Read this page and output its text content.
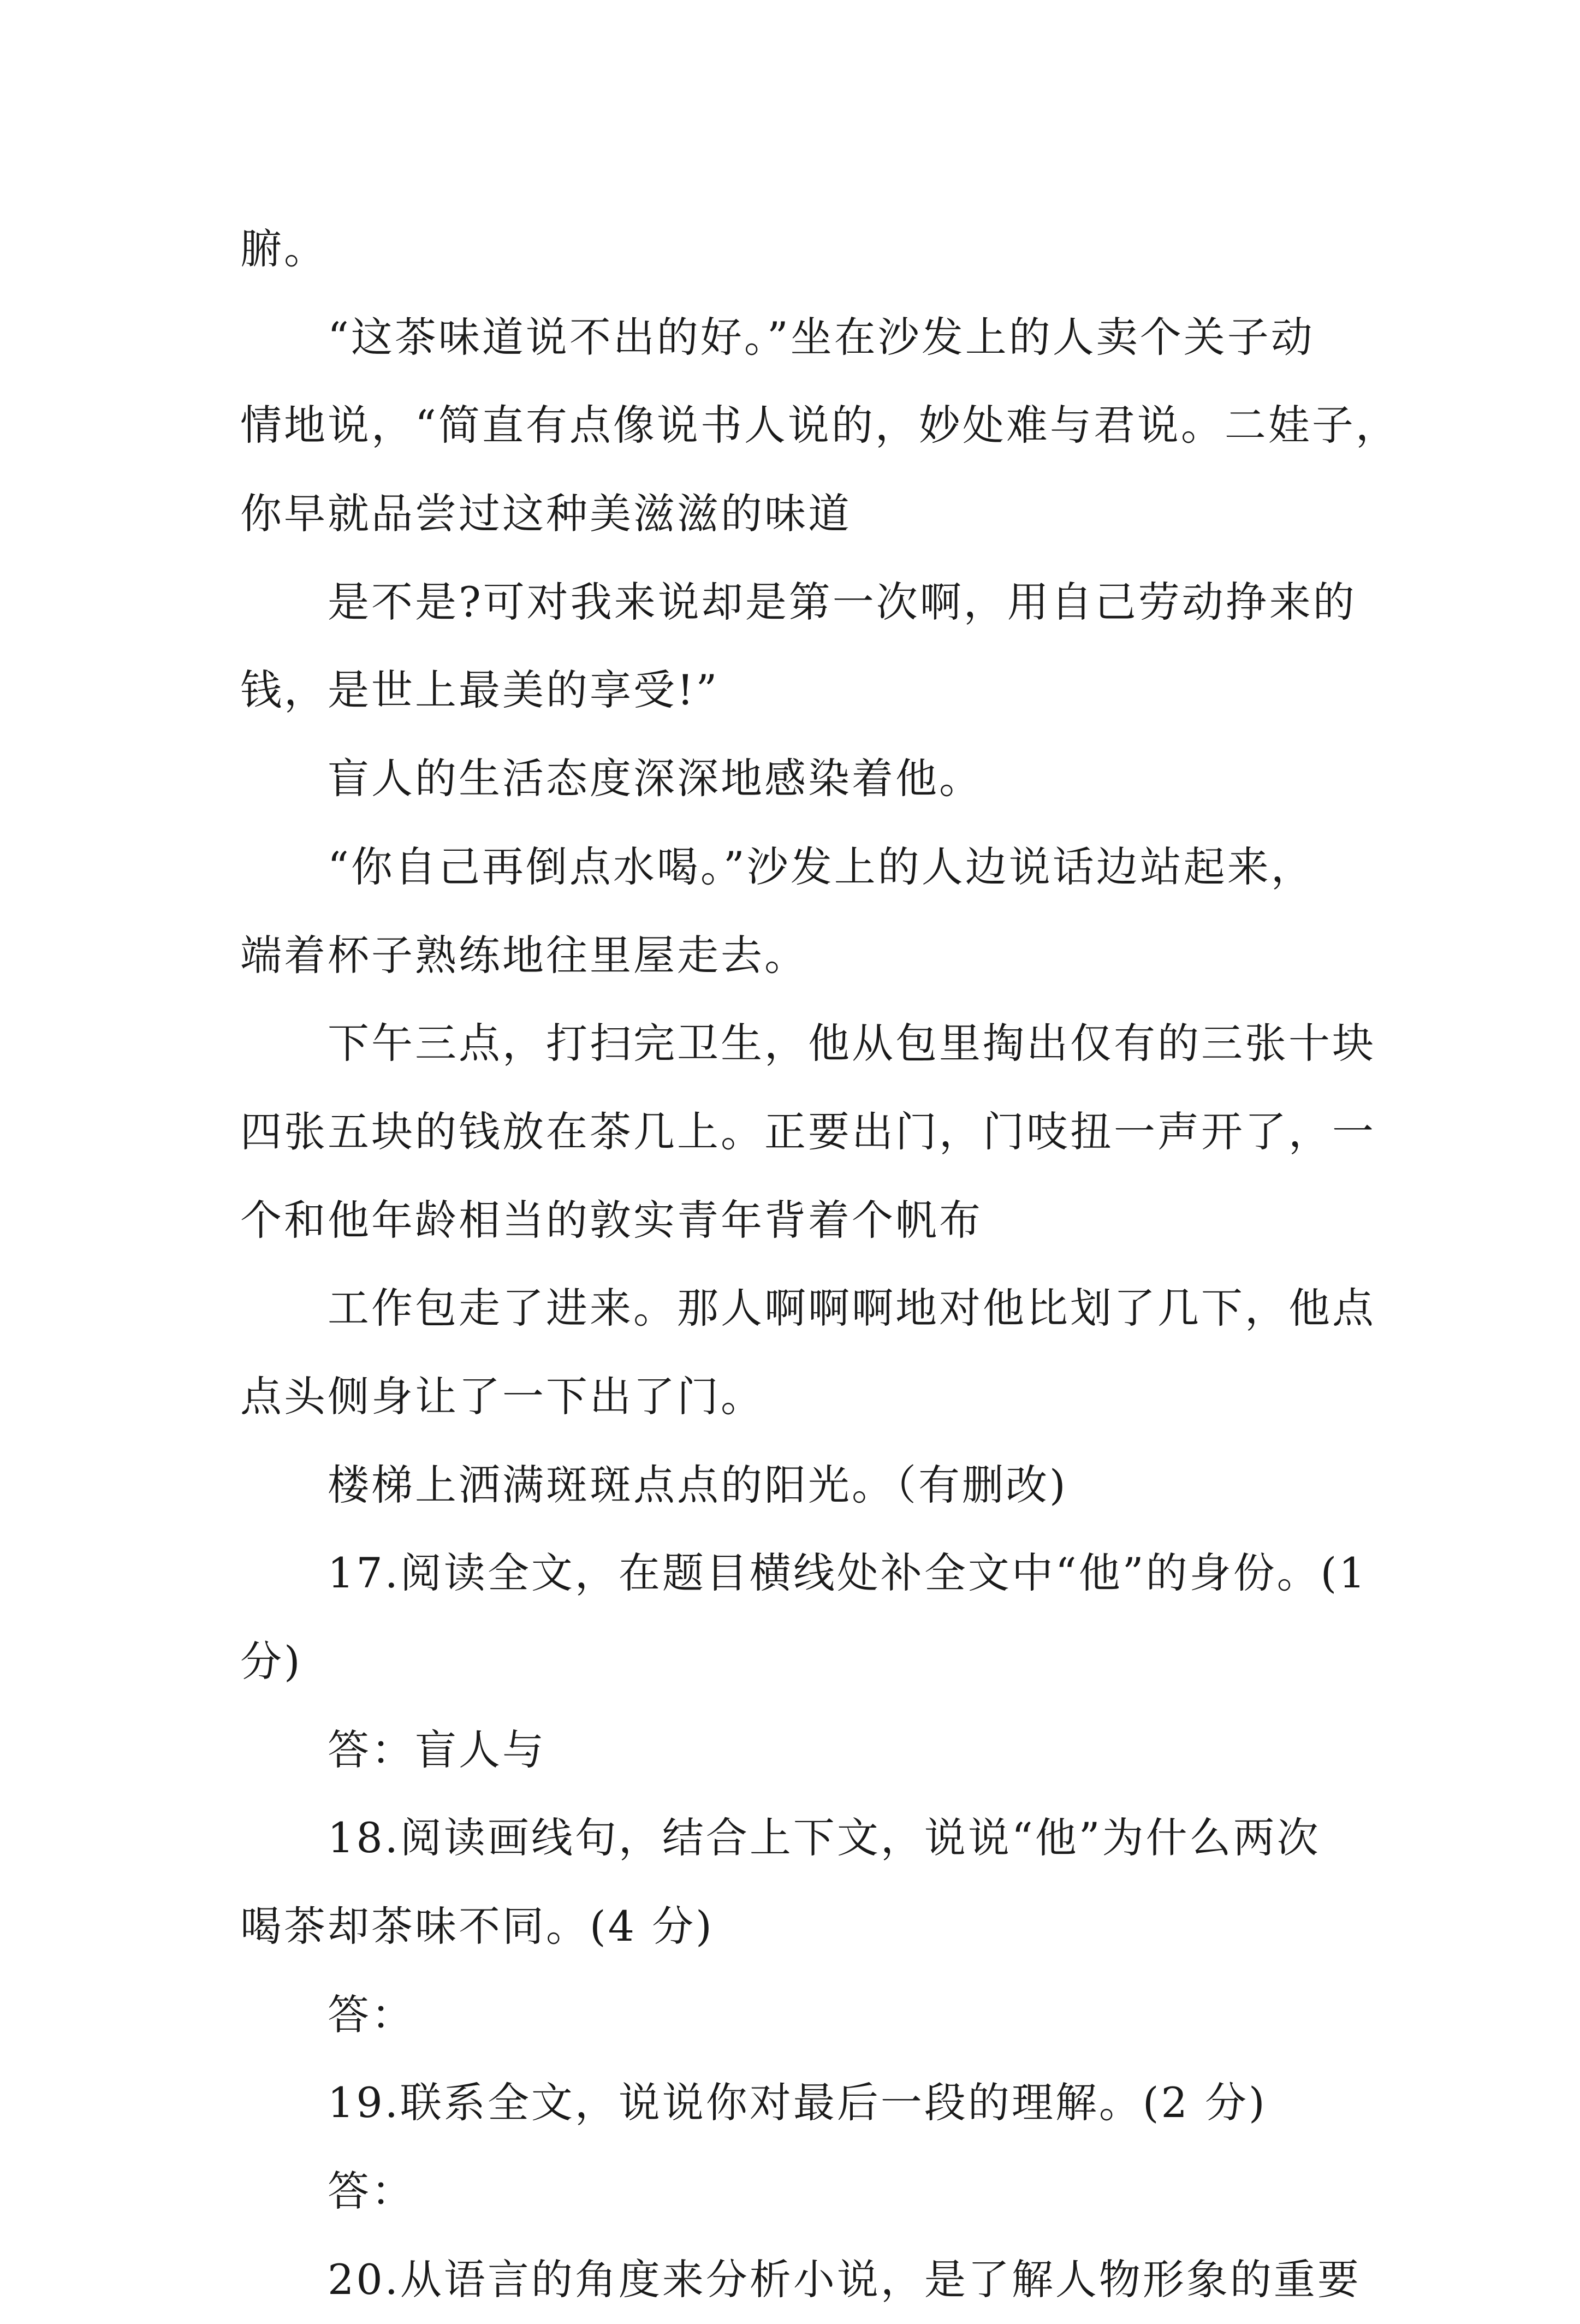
腑。
“这茶味道说不出的好。”坐在沙发上的人卖个关子动
情地说，“简直有点像说书人说的，妙处难与君说。二娃子，
你早就品尝过这种美滋滋的味道
是不是?可对我来说却是第一次啊，用自己劳动挣来的
钱，是世上最美的享受!”
盲人的生活态度深深地感染着他。
“你自己再倒点水喝。”沙发上的人边说话边站起来，
端着杯子熟练地往里屋走去。
下午三点，打扫完卫生，他从包里掏出仅有的三张十块
四张五块的钱放在茶几上。正要出门，门吱扭一声开了，一
个和他年龄相当的敦实青年背着个帆布
工作包走了进来。那人啊啊啊地对他比划了几下，他点
点头侧身让了一下出了门。
楼梯上洒满斑斑点点的阳光。（有删改)
17.阅读全文，在题目横线处补全文中“他”的身份。(1
分)
答：盲人与
18.阅读画线句，结合上下文，说说“他”为什么两次
喝茶却茶味不同。(4 分)
答：
19.联系全文，说说你对最后一段的理解。(2 分)
答：
20.从语言的角度来分析小说，是了解人物形象的重要
